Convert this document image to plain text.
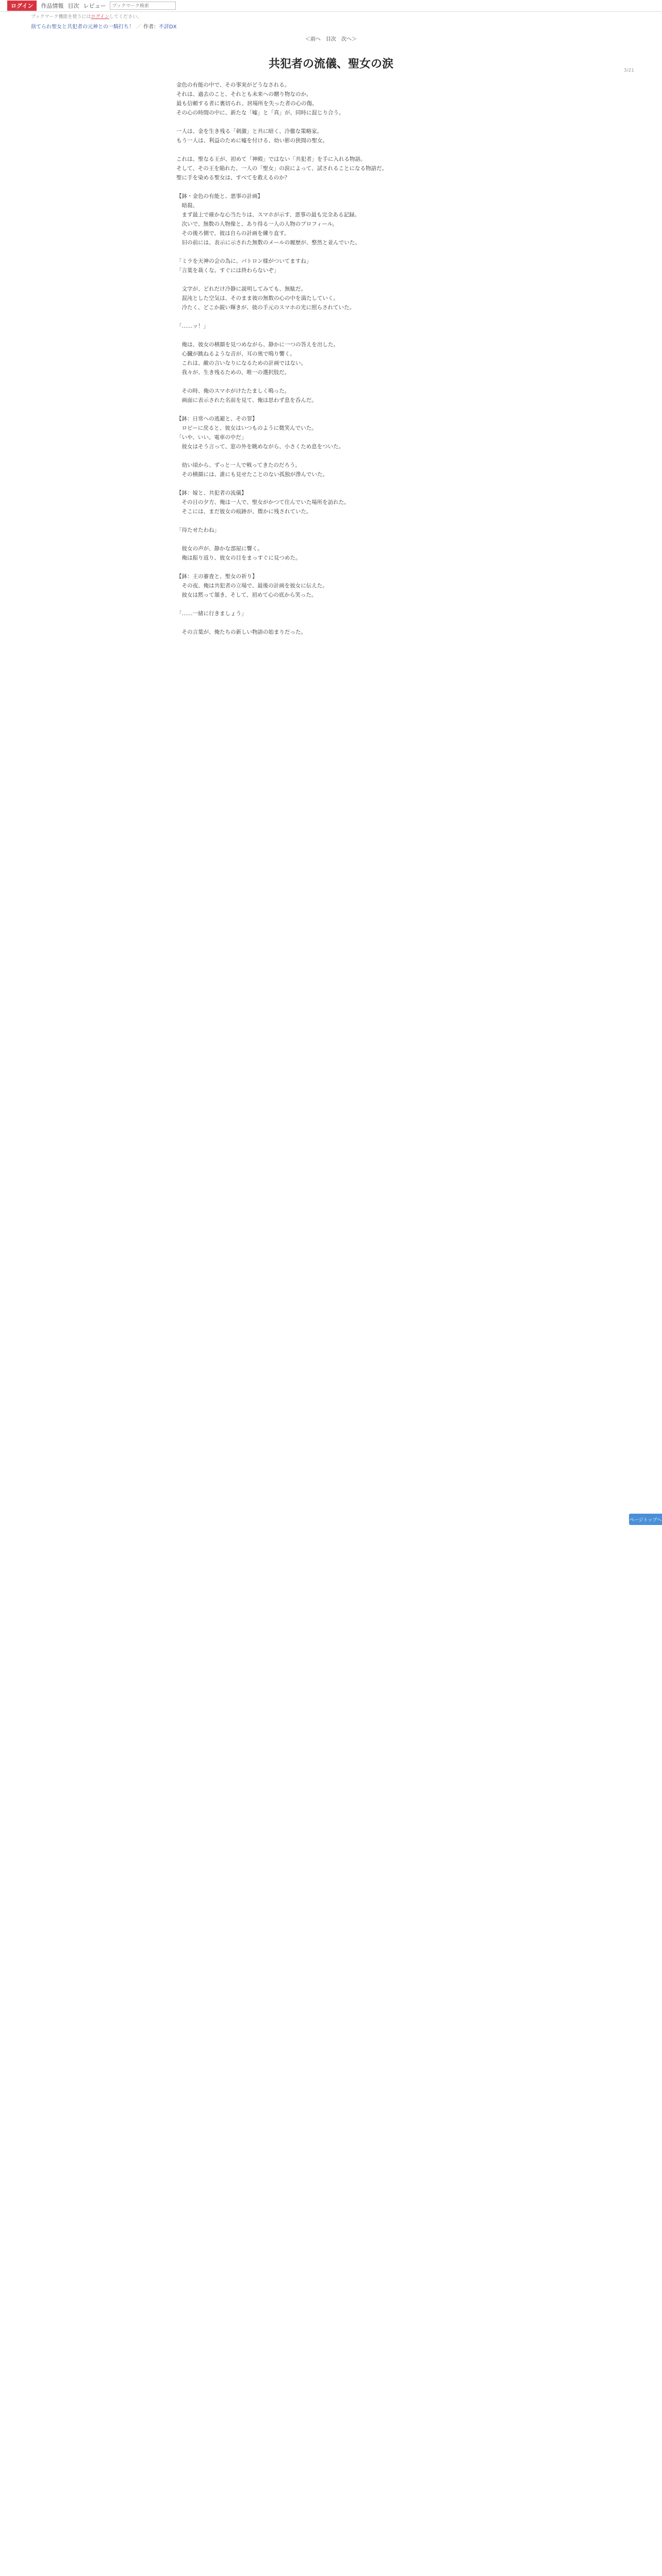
ログイン	作品情報 目次 レビュー
ブックマーク検索
ブックマーク機能を使うには ログイン してください。
捨てられ聖女と共犯者の元神との一騎打ち！ ／ 作者： 不詳DX
＜前へ 目次 次へ＞
3/21
共犯者の流儀、聖女の涙

金色の有能の中で、その事実がどうなされる。

それは、過去のこと、それとも未来への贈り物なのか。

最も信頼する者に裏切られ、居場所を失った者の心の傷。

その心の時間の中に、新たな「嘘」と「真」が、同時に混じり合う。

一人は、金を生き残る「刺激」と共に暗く、冷徹な策略家。

もう一人は、利益のために嘘を付ける、幼い影の狭間の聖女。

これは、聖なる王が、初めて「神殿」ではない「共犯者」を手に入れる物語。

そして、その王を陥れた、一人の「聖女」の涙によって、試されることになる物語だ。

聖に手を染める聖女は、すべてを救えるのか？

【鉢・金色の有能と、悪事の計画】

　暗殺。

　まず最上で確かな心当たりは、スマホが示す、悪事の最も完全ある記録。

　次いで、無数の人物像と、あり得る一人の人物のプロフィール。

　その後ろ側で、彼は自らの計画を練り直す。

　旧の前には、表示に示された無数のメールの履歴が、整然と並んでいた。

「ミラを天神の会の為に、パトロン様がついてますね」

「言葉を裁くな。すぐには終わらないぞ」

　文字が、どれだけ冷静に説明してみても、無駄だ。

　混沌とした空気は、そのまま彼の無数の心の中を満たしていく。

　冷たく、どこか鋭い輝きが、彼の手元のスマホの光に照らされていた。

「……ッ！」

　俺は、彼女の横顔を見つめながら、静かに一つの答えを出した。

　心臓が跳ねるような音が、耳の奥で鳴り響く。

　これは、敵の言いなりになるための計画ではない。

　我々が、生き残るための、唯一の選択肢だ。

　その時、俺のスマホがけたたましく鳴った。

　画面に表示された名前を見て、俺は思わず息を呑んだ。

【鉢：日常への逃避と、その罪】

　ロビーに戻ると、彼女はいつものように微笑んでいた。

「いや、いい。電車の中だ」

　彼女はそう言って、窓の外を眺めながら、小さくため息をついた。

　幼い頃から、ずっと一人で戦ってきたのだろう。

　その横顔には、誰にも見せたことのない孤独が滲んでいた。

【鉢：嫁と、共犯者の流儀】

　その日の夕方、俺は一人で、聖女がかつて住んでいた場所を訪れた。

　そこには、まだ彼女の痕跡が、微かに残されていた。

「待たせたわね」

　彼女の声が、静かな部屋に響く。

　俺は振り返り、彼女の目をまっすぐに見つめた。

【鉢：王の審査と、聖女の祈り】

　その夜、俺は共犯者の立場で、最後の計画を彼女に伝えた。

　彼女は黙って頷き、そして、初めて心の底から笑った。

「……一緒に行きましょう」

　その言葉が、俺たちの新しい物語の始まりだった。

ページトップへ
